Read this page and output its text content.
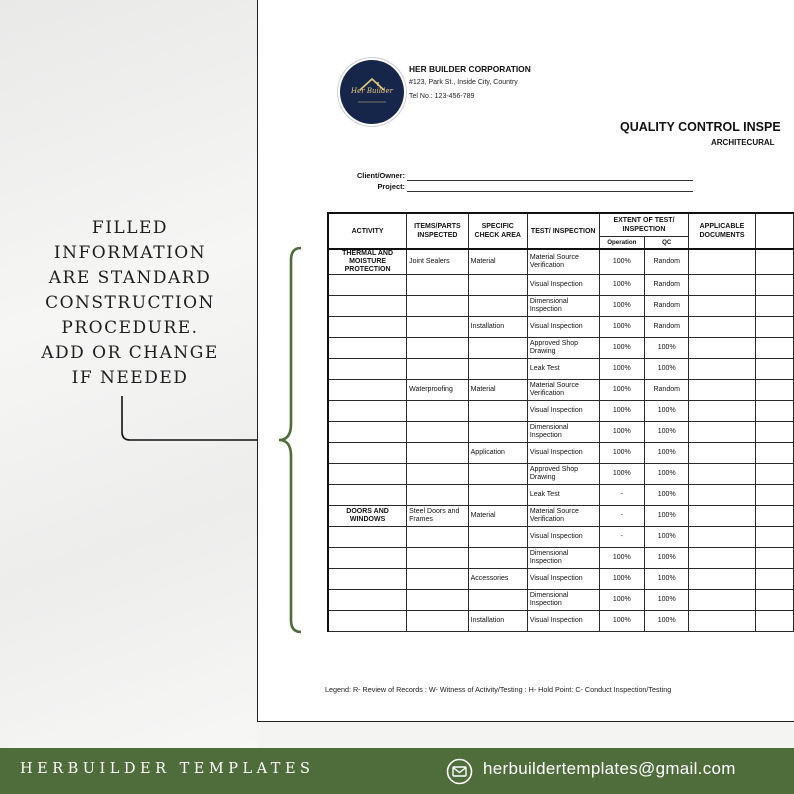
FILLED
INFORMATION
ARE STANDARD
CONSTRUCTION
PROCEDURE.
ADD OR CHANGE
IF NEEDED
Her Builder
HER BUILDER CORPORATION
#123, Park St., Inside City, Country
Tel No.: 123-456-789
QUALITY CONTROL INSPE
ARCHITECURAL
Client/Owner:
Project:
ACTIVITY	ITEMS/PARTS INSPECTED	SPECIFIC CHECK AREA	TEST/ INSPECTION	EXTENT OF TEST/ INSPECTION		APPLICABLE DOCUMENTS	
				Operation	QC		
THERMAL AND MOISTURE PROTECTION	Joint Sealers	Material	Material Source Verification	100%	Random		
			Visual Inspection	100%	Random		
			Dimensional Inspection	100%	Random		
		Installation	Visual Inspection	100%	Random		
			Approved Shop Drawing	100%	100%		
			Leak Test	100%	100%		
	Waterproofing	Material	Material Source Verification	100%	Random		
			Visual Inspection	100%	100%		
			Dimensional Inspection	100%	100%		
		Application	Visual Inspection	100%	100%		
			Approved Shop Drawing	100%	100%		
			Leak Test	-	100%		
DOORS AND WINDOWS	Steel Doors and Frames	Material	Material Source Verification	-	100%		
			Visual Inspection	-	100%		
			Dimensional Inspection	100%	100%		
		Accessories	Visual Inspection	100%	100%		
			Dimensional Inspection	100%	100%		
		Installation	Visual Inspection	100%	100%		
Legend: R- Review of Records : W- Witness of Activity/Testing : H- Hold Point: C- Conduct Inspection/Testing
HERBUILDER TEMPLATES	herbuildertemplates@gmail.com
